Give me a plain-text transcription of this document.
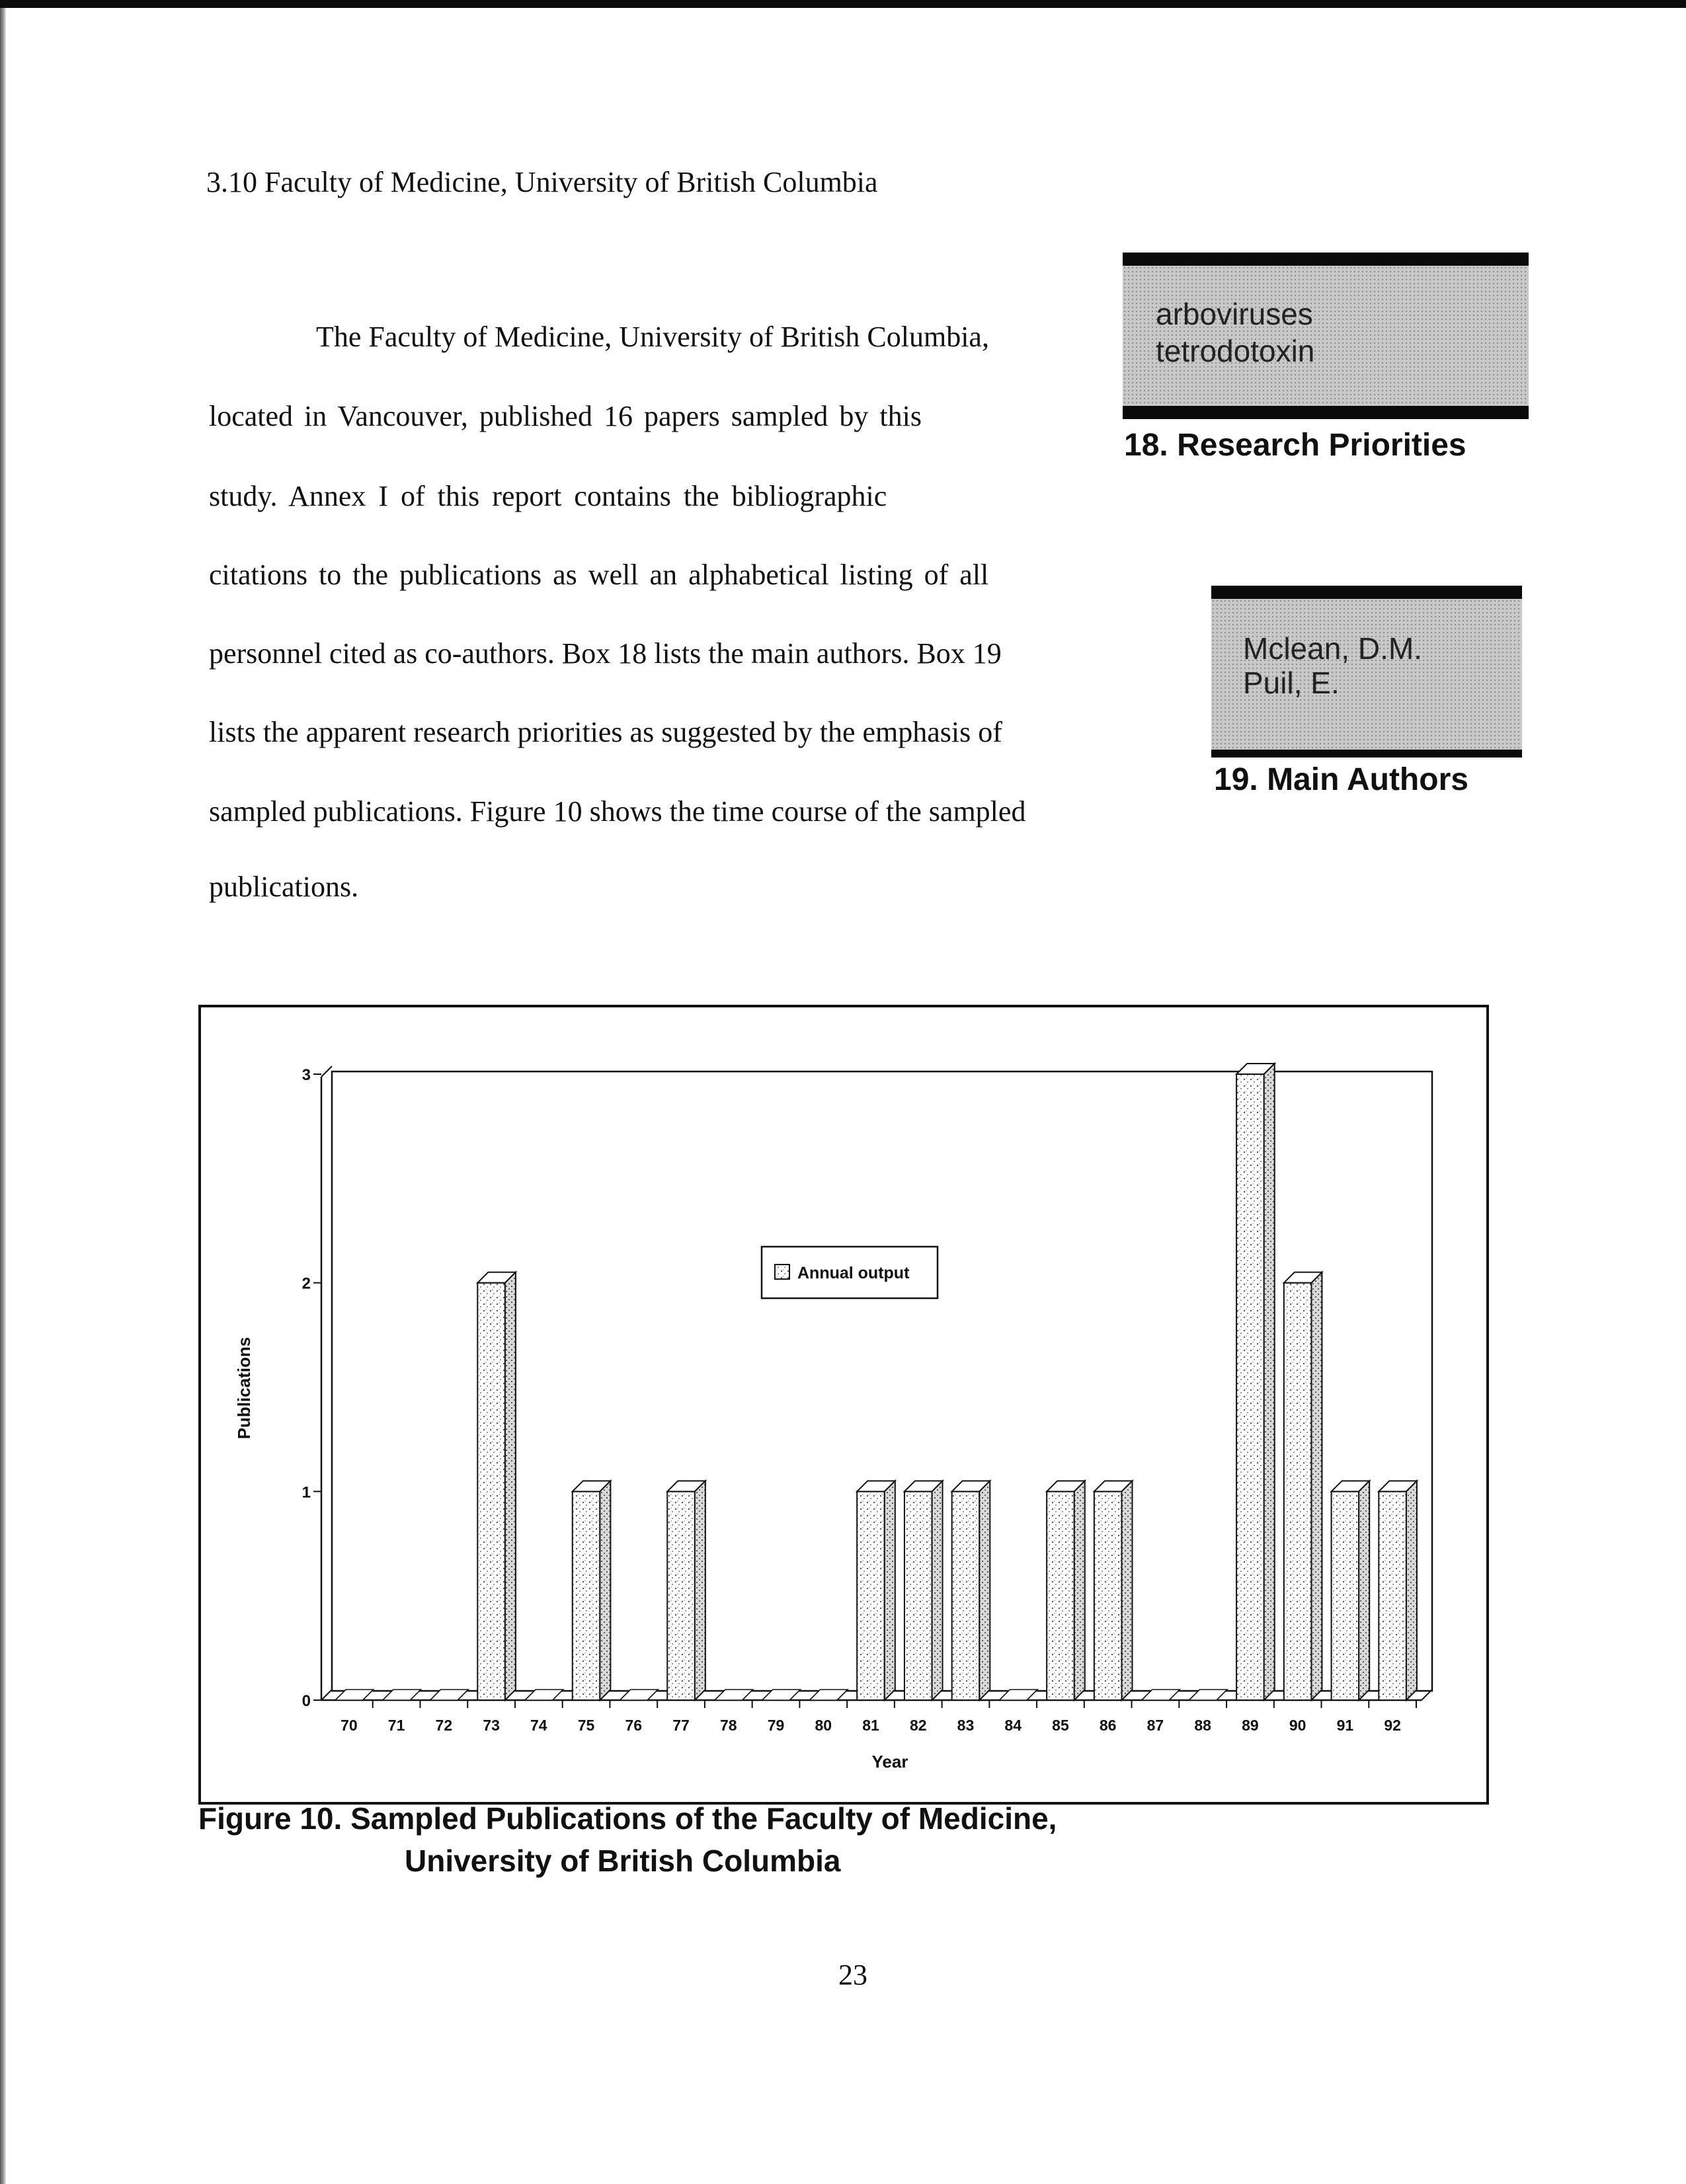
3.10 Faculty of Medicine, University of British Columbia
The Faculty of Medicine, University of British Columbia,
located in Vancouver, published 16 papers sampled by this
study. Annex I of this report contains the bibliographic
citations to the publications as well an alphabetical listing of all
personnel cited as co-authors. Box 18 lists the main authors. Box 19
lists the apparent research priorities as suggested by the emphasis of
sampled publications. Figure 10 shows the time course of the sampled
publications.
arboviruses
tetrodotoxin
18. Research Priorities
Mclean, D.M.
Puil, E.
19. Main Authors
0
1
2
3
70 71 72 73 74 75 76 77 78 79 80 81 82 83 84 85 86 87 88 89 90 91 92
Year
Publications
Annual output
Figure 10. Sampled Publications of the Faculty of Medicine,
University of British Columbia
23
